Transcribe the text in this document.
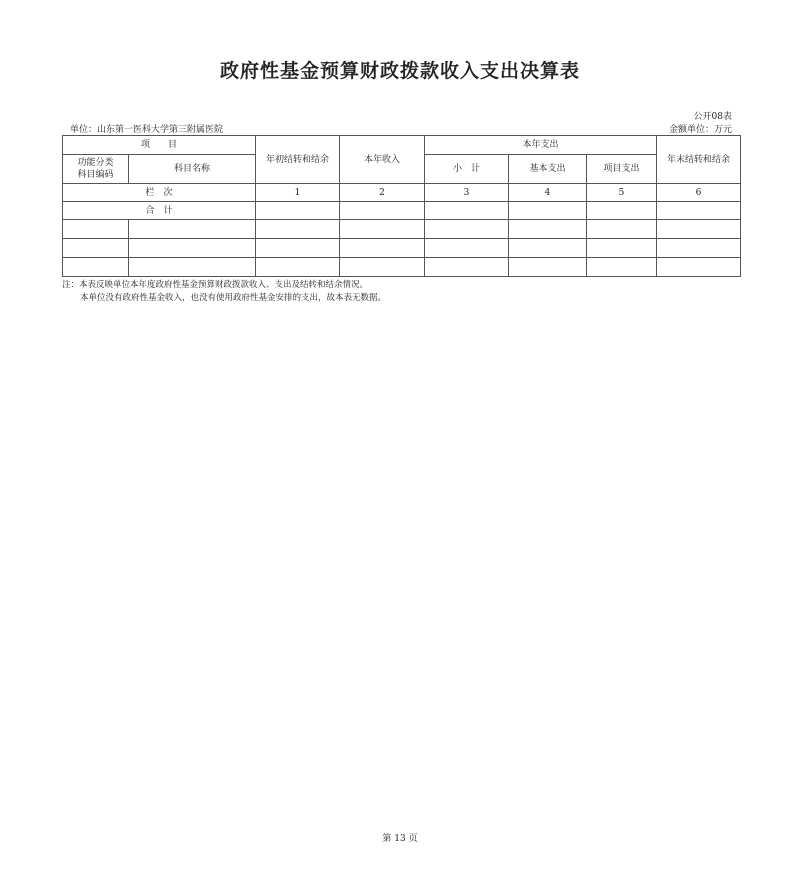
政府性基金预算财政拨款收入支出决算表
公开08表
单位：山东第一医科大学第三附属医院	金额单位：万元
项　　目		年初结转和结余	本年收入	本年支出			年末结转和结余
功能分类
科目编码	科目名称			小　计	基本支出	项目支出	
栏　次		1	2	3	4	5	6
合　计							

注：本表反映单位本年度政府性基金预算财政拨款收入、支出及结转和结余情况。
本单位没有政府性基金收入，也没有使用政府性基金安排的支出，故本表无数据。
第 13 页
